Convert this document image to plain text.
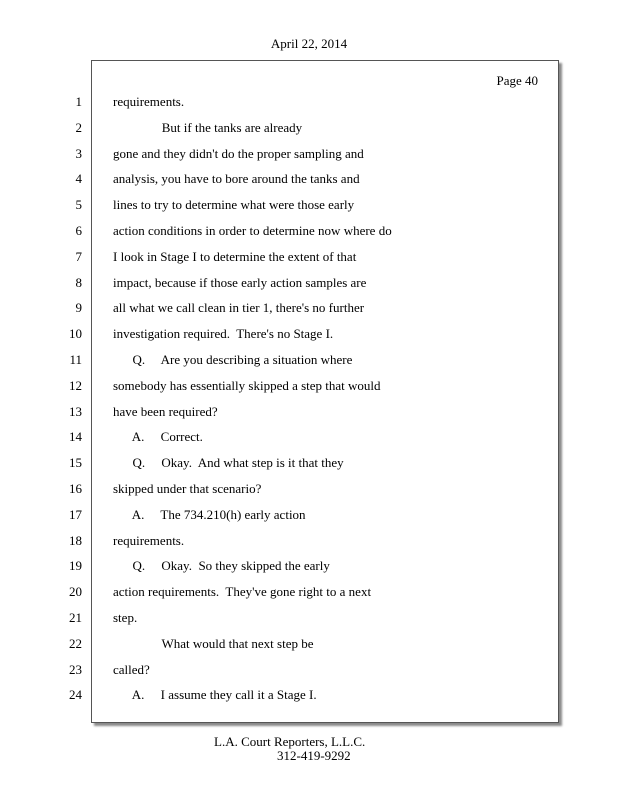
April 22, 2014
Page 40
1 requirements.
2 But if the tanks are already
3 gone and they didn't do the proper sampling and
4 analysis, you have to bore around the tanks and
5 lines to try to determine what were those early
6 action conditions in order to determine now where do
7 I look in Stage I to determine the extent of that
8 impact, because if those early action samples are
9 all what we call clean in tier 1, there's no further
10 investigation required.  There's no Stage I.
11 Q.     Are you describing a situation where
12 somebody has essentially skipped a step that would
13 have been required?
14 A.     Correct.
15 Q.     Okay.  And what step is it that they
16 skipped under that scenario?
17 A.     The 734.210(h) early action
18 requirements.
19 Q.     Okay.  So they skipped the early
20 action requirements.  They've gone right to a next
21 step.
22 What would that next step be
23 called?
24 A.     I assume they call it a Stage I.
L.A. Court Reporters, L.L.C.
312-419-9292
